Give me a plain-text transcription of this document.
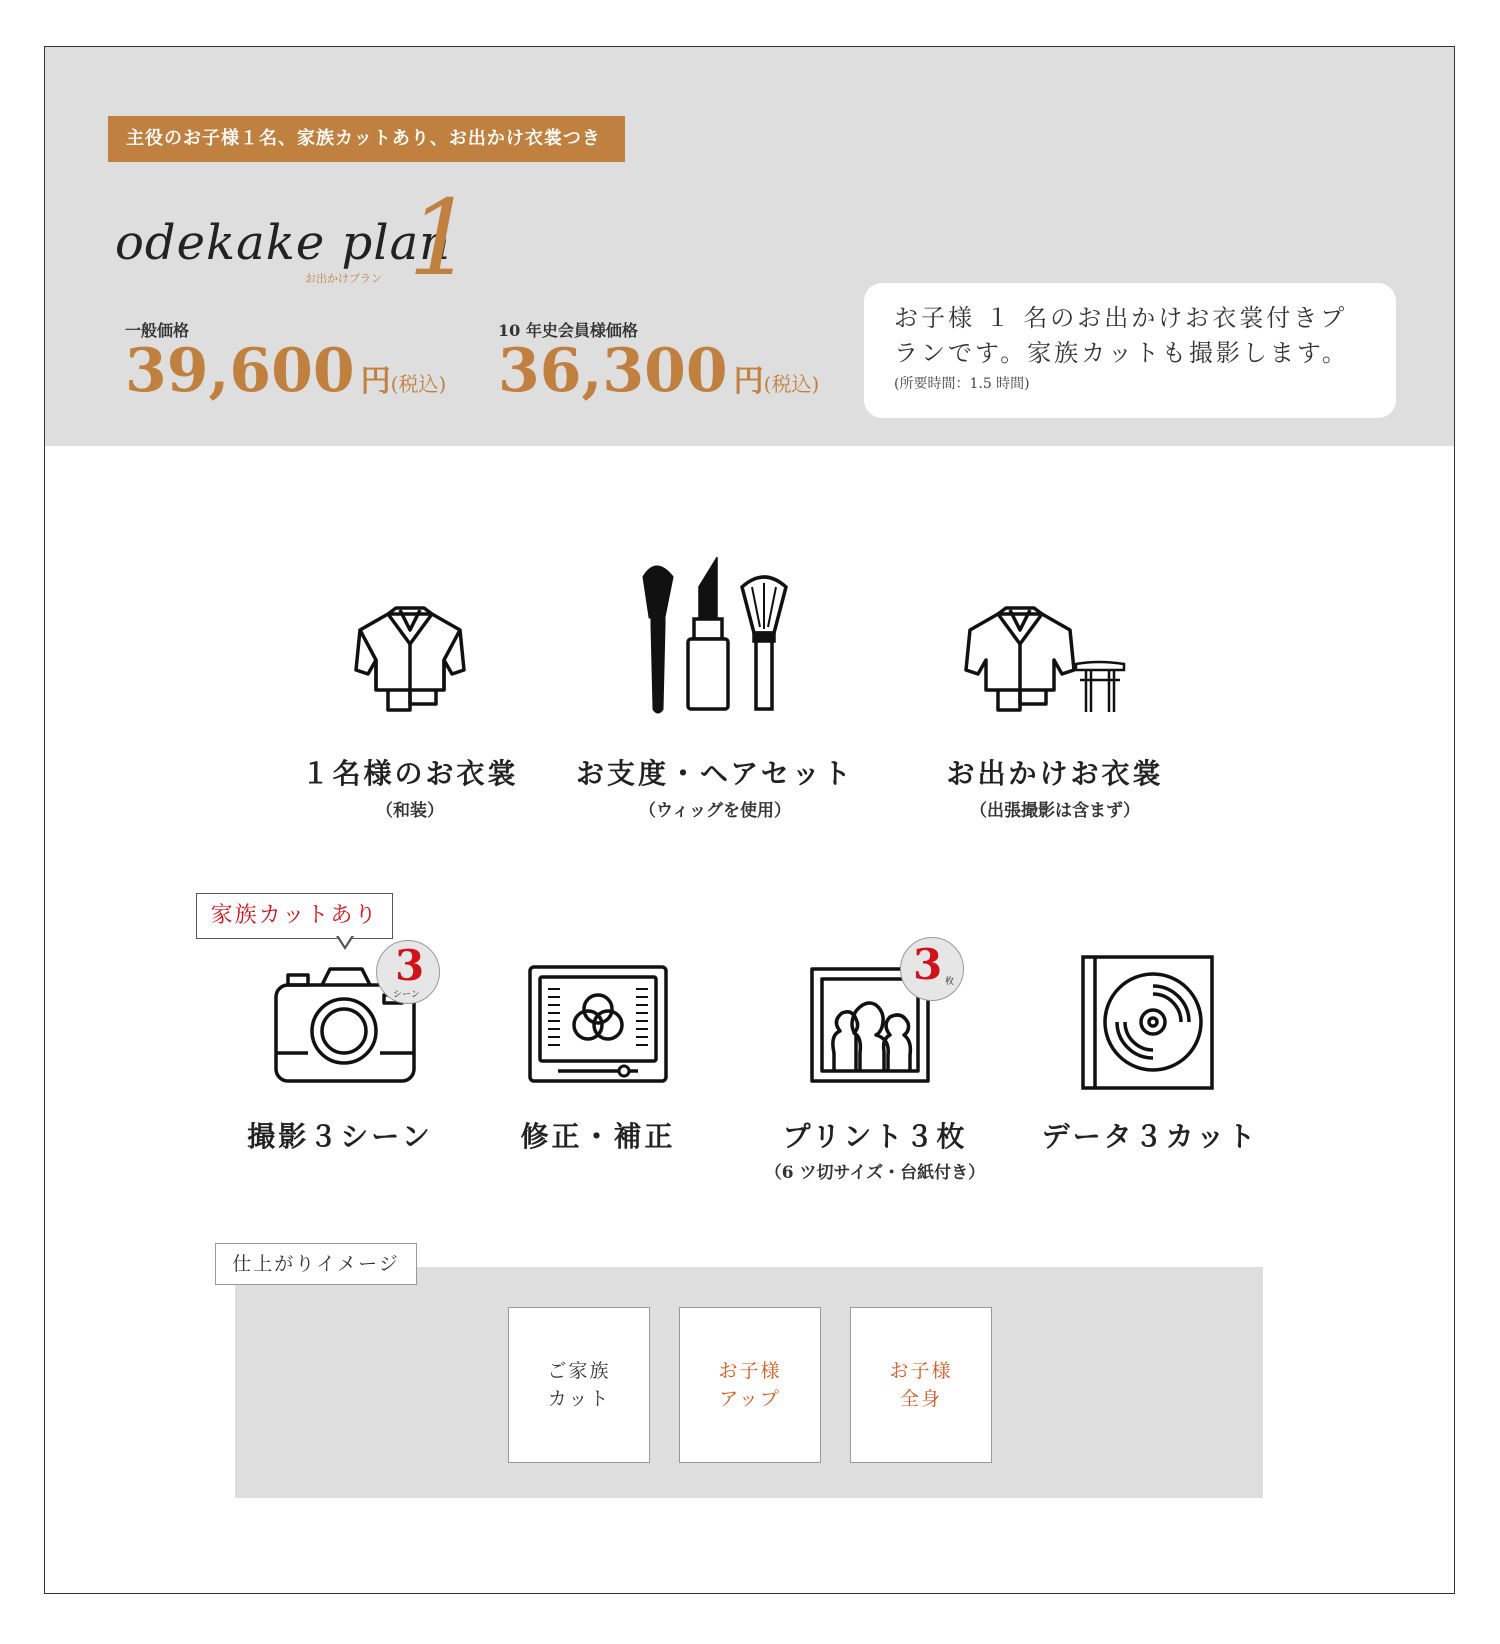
主役のお子様１名、家族カットあり、お出かけ衣裳つき
odekake plan
お出かけプラン 1
一般価格
39,600 円(税込)
10 年史会員様価格
36,300 円(税込)
お子様 １ 名のお出かけお衣裳付きプランです。家族カットも撮影します。
(所要時間：1.5 時間)
１名様のお衣裳
（和装）
お支度・ヘアセット
（ウィッグを使用）
お出かけお衣裳
（出張撮影は含まず）
家族カットあり
3
シーン
3 枚
撮影３シーン	修正・補正	プリント３枚
（6 ツ切サイズ・台紙付き）
データ３カット
ご家族
カット
お子様
アップ
お子様
全身
仕上がりイメージ
